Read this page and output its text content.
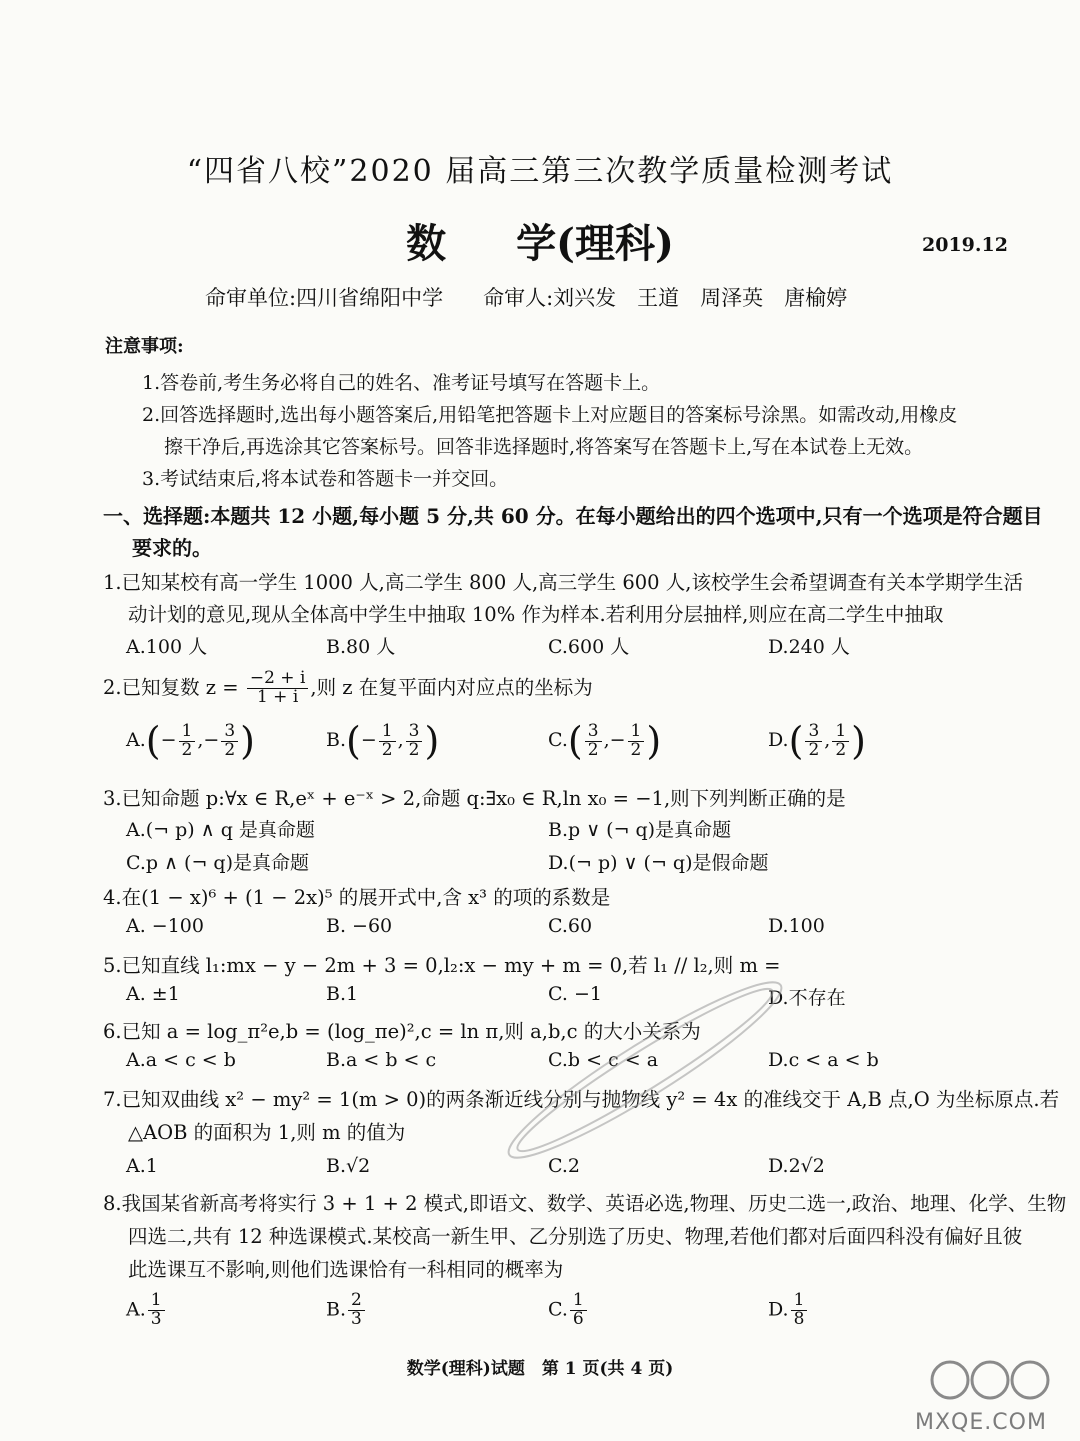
“四省八校”2020 届高三第三次教学质量检测考试
数 学(理科)	2019.12
命审单位:四川省绵阳中学 命审人:刘兴发　王道　周泽英　唐榆婷
注意事项:
1.答卷前,考生务必将自己的姓名、准考证号填写在答题卡上。
2.回答选择题时,选出每小题答案后,用铅笔把答题卡上对应题目的答案标号涂黑。如需改动,用橡皮
擦干净后,再选涂其它答案标号。回答非选择题时,将答案写在答题卡上,写在本试卷上无效。
3.考试结束后,将本试卷和答题卡一并交回。
一、选择题:本题共 12 小题,每小题 5 分,共 60 分。在每小题给出的四个选项中,只有一个选项是符合题目
要求的。
1.已知某校有高一学生 1000 人,高二学生 800 人,高三学生 600 人,该校学生会希望调查有关本学期学生活
动计划的意见,现从全体高中学生中抽取 10% 作为样本.若利用分层抽样,则应在高二学生中抽取
A.100 人	B.80 人	C.600 人	D.240 人
2.已知复数 $z = \frac{-2 + i}{1 + i}$ ,则 z 在复平面内对应点的坐标为
$A.(- \frac{1}{2}$ ,− $\frac{3}{2}$ )	$B.(- \frac{1}{2}$ , $\frac{3}{2}$ )	$C.( \frac{3}{2}$ ,− $\frac{1}{2}$ )	$D.( \frac{3}{2}$ , $\frac{1}{2}$ )
3.已知命题 p:∀x ∈ R,eˣ + e⁻ˣ > 2,命题 q:∃x₀ ∈ R,ln x₀ = −1,则下列判断正确的是
A.(¬ p) ∧ q 是真命题	B.p ∨ (¬ q)是真命题
C.p ∧ (¬ q)是真命题	D.(¬ p) ∨ (¬ q)是假命题
4.在(1 − x)⁶ + (1 − 2x)⁵ 的展开式中,含 x³ 的项的系数是
A. −100	B. −60	C.60	D.100
5.已知直线 l₁:mx − y − 2m + 3 = 0,l₂:x − my + m = 0,若 l₁ // l₂,则 m =
A. ±1	B.1	C. −1	D.不存在
6.已知 a = log_π²e,b = (log_πe)²,c = ln π,则 a,b,c 的大小关系为
A.a < c < b	B.a < b < c	C.b < c < a	D.c < a < b
7.已知双曲线 x² − my² = 1(m > 0)的两条渐近线分别与抛物线 y² = 4x 的准线交于 A,B 点,O 为坐标原点.若
△AOB 的面积为 1,则 m 的值为
A.1	B.√2	C.2	D.2√2
8.我国某省新高考将实行 3 + 1 + 2 模式,即语文、数学、英语必选,物理、历史二选一,政治、地理、化学、生物
四选二,共有 12 种选课模式.某校高一新生甲、乙分别选了历史、物理,若他们都对后面四科没有偏好且彼
此选课互不影响,则他们选课恰有一科相同的概率为
A. $\frac{1}{3}$	B. $\frac{2}{3}$	C. $\frac{1}{6}$	D. $\frac{1}{8}$
数学(理科)试题　第 1 页(共 4 页)
MXQE.COM
